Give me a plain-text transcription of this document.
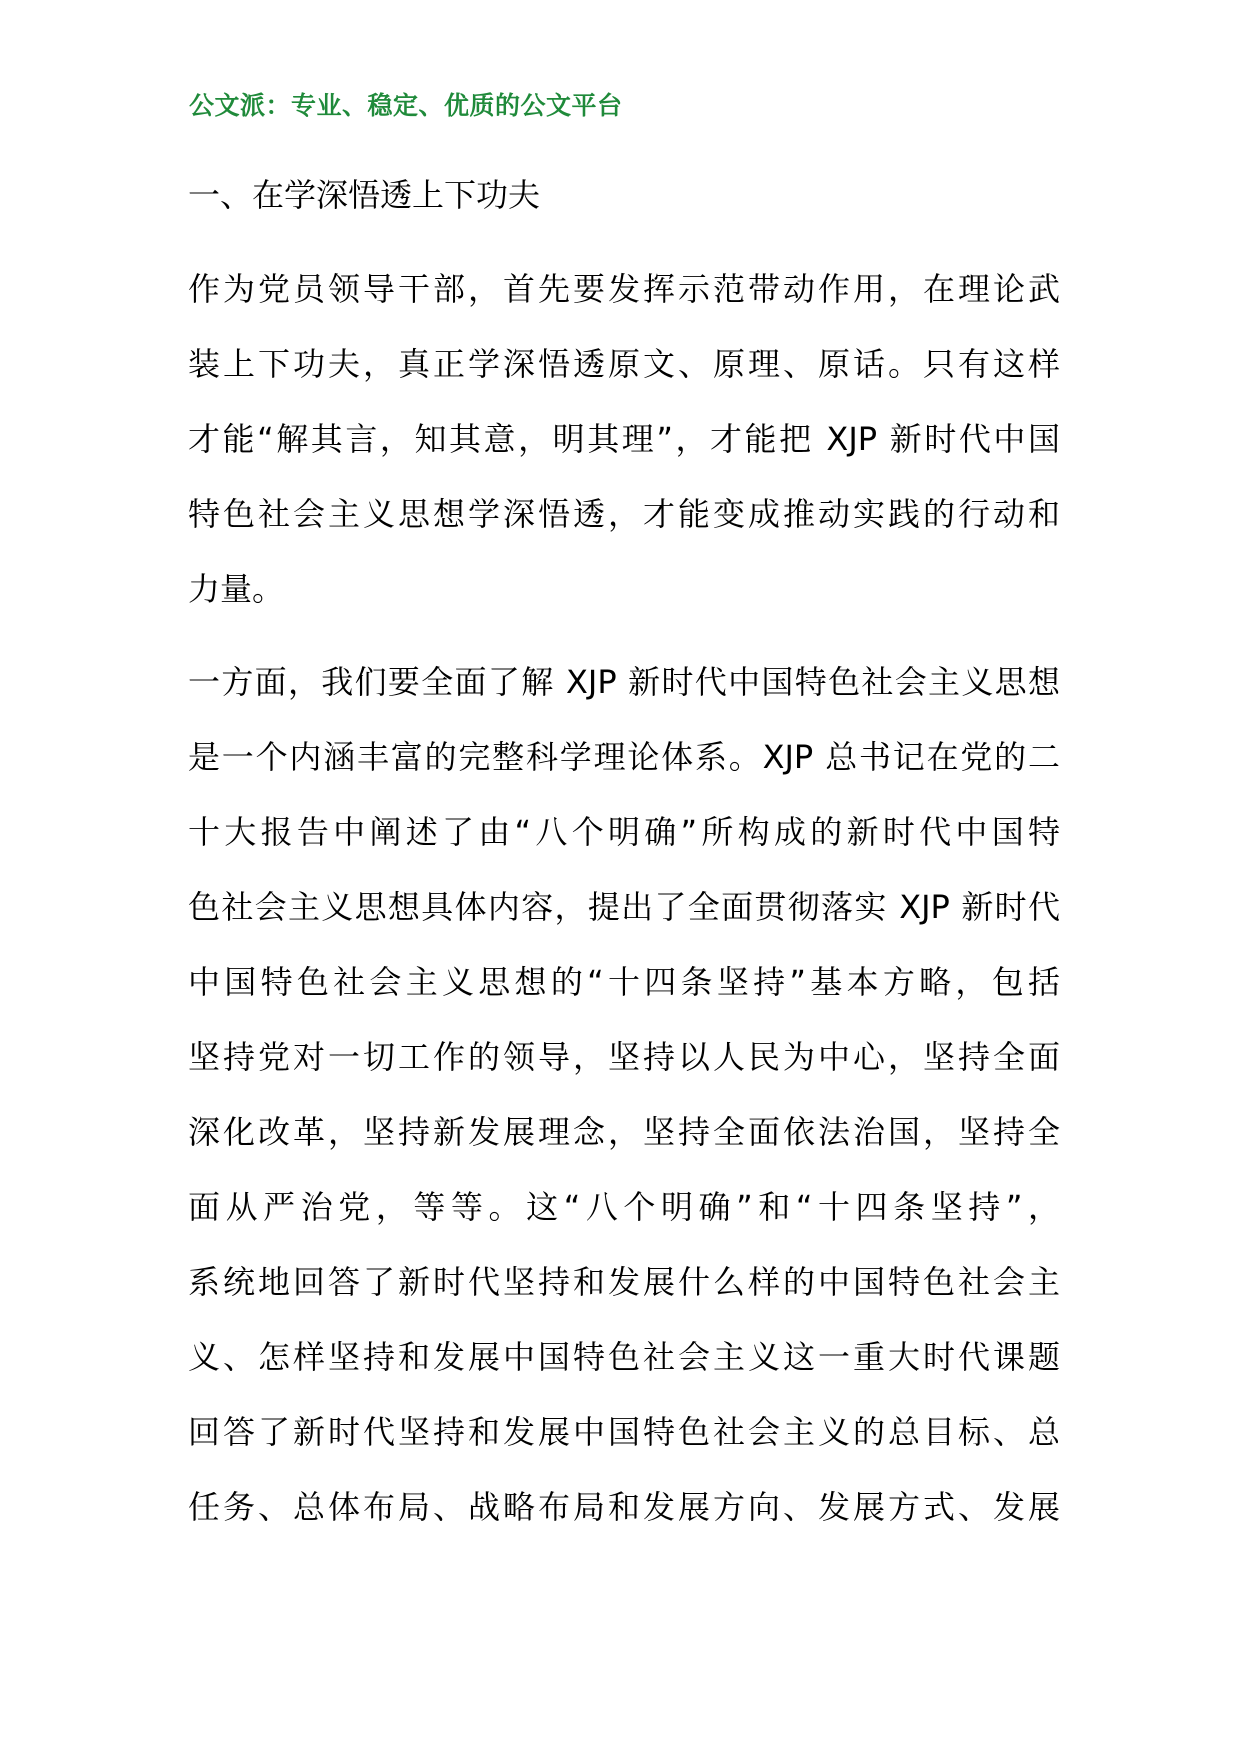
公文派：专业、稳定、优质的公文平台
一、在学深悟透上下功夫
作为党员领导干部，首先要发挥示范带动作用，在理论武
装上下功夫，真正学深悟透原文、原理、原话。只有这样
才能“解其言，知其意，明其理”，才能把 XJP 新时代中国
特色社会主义思想学深悟透，才能变成推动实践的行动和
力量。
一方面，我们要全面了解 XJP 新时代中国特色社会主义思想
是一个内涵丰富的完整科学理论体系。XJP 总书记在党的二
十大报告中阐述了由“八个明确”所构成的新时代中国特
色社会主义思想具体内容，提出了全面贯彻落实 XJP 新时代
中国特色社会主义思想的“十四条坚持”基本方略，包括
坚持党对一切工作的领导，坚持以人民为中心，坚持全面
深化改革，坚持新发展理念，坚持全面依法治国，坚持全
面从严治党，等等。这“八个明确”和“十四条坚持”，
系统地回答了新时代坚持和发展什么样的中国特色社会主
义、怎样坚持和发展中国特色社会主义这一重大时代课题
回答了新时代坚持和发展中国特色社会主义的总目标、总
任务、总体布局、战略布局和发展方向、发展方式、发展
